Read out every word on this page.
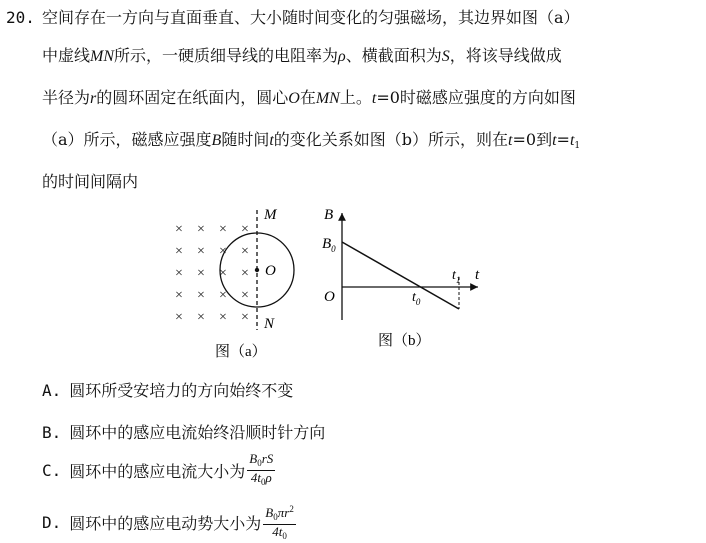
20. 空间存在一方向与直面垂直、大小随时间变化的匀强磁场，其边界如图（a）
中虚线MN所示，一硬质细导线的电阻率为ρ、横截面积为S，将该导线做成
半径为r的圆环固定在纸面内，圆心O在MN上。t=0时磁感应强度的方向如图
（a）所示，磁感应强度B随时间t的变化关系如图（b）所示，则在t=0到$t=t_1$
的时间间隔内
× × × ×
× × × ×
× × × ×
× × × ×
× × × ×
M
N
O
图（a）
B
t
O
$B_0$
$t_0$
$t_1$
图（b）
A. 圆环所受安培力的方向始终不变
B. 圆环中的感应电流始终沿顺时针方向
C. 圆环中的感应电流大小为 $\frac{B_0rS}{4t_0\rho}$
D. 圆环中的感应电动势大小为 $\frac{B_0\pi r^2}{4t_0}$
